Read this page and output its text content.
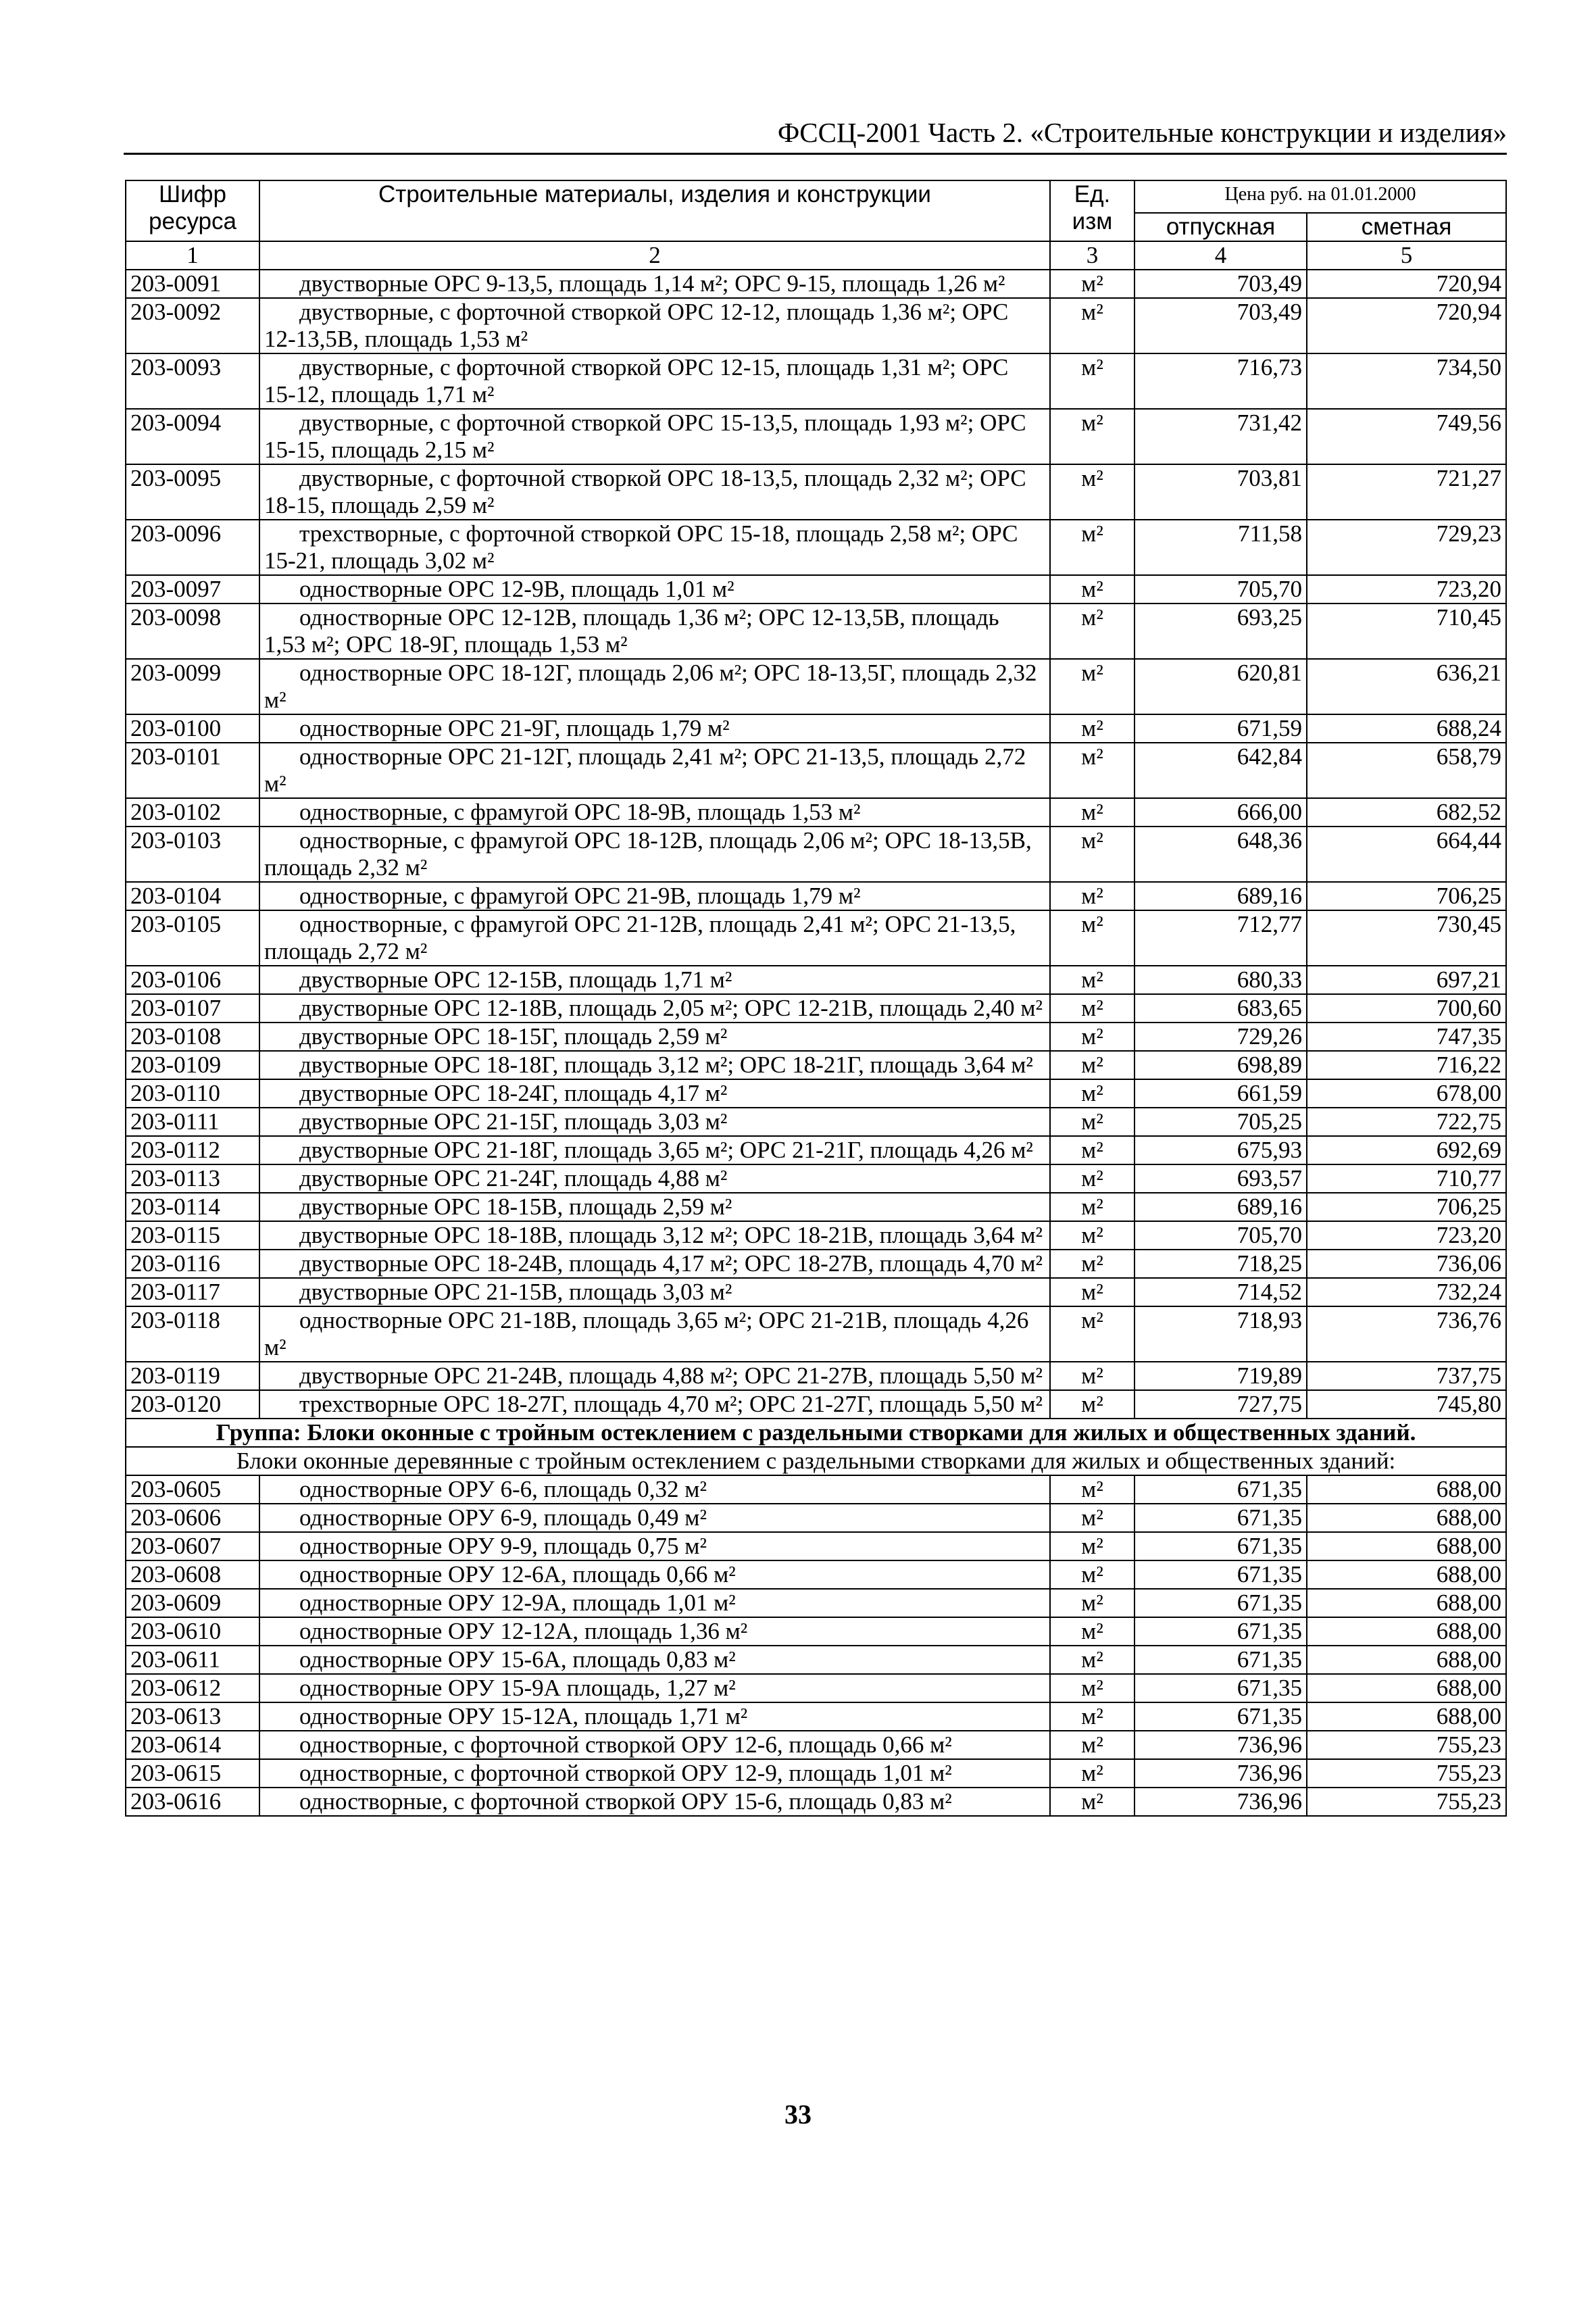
ФССЦ-2001 Часть 2. «Строительные конструкции и изделия»
Шифр ресурса	Строительные материалы, изделия и конструкции	Ед. изм	Цена руб. на 01.01.2000	
			отпускная	сметная
1	2	3	4	5
203-0091	двустворные ОРС 9-13,5, площадь 1,14 м²; ОРС 9-15, площадь 1,26 м²	м²	703,49	720,94
203-0092	двустворные, с форточной створкой ОРС 12-12, площадь 1,36 м²; ОРС 12-13,5В, площадь 1,53 м²	м²	703,49	720,94
203-0093	двустворные, с форточной створкой ОРС 12-15, площадь 1,31 м²; ОРС 15-12, площадь 1,71 м²	м²	716,73	734,50
203-0094	двустворные, с форточной створкой ОРС 15-13,5, площадь 1,93 м²; ОРС 15-15, площадь 2,15 м²	м²	731,42	749,56
203-0095	двустворные, с форточной створкой ОРС 18-13,5, площадь 2,32 м²; ОРС 18-15, площадь 2,59 м²	м²	703,81	721,27
203-0096	трехстворные, с форточной створкой ОРС 15-18, площадь 2,58 м²; ОРС 15-21, площадь 3,02 м²	м²	711,58	729,23
203-0097	одностворные ОРС 12-9В, площадь 1,01 м²	м²	705,70	723,20
203-0098	одностворные ОРС 12-12В, площадь 1,36 м²; ОРС 12-13,5В, площадь 1,53 м²; ОРС 18-9Г, площадь 1,53 м²	м²	693,25	710,45
203-0099	одностворные ОРС 18-12Г, площадь 2,06 м²; ОРС 18-13,5Г, площадь 2,32 м²	м²	620,81	636,21
203-0100	одностворные ОРС 21-9Г, площадь 1,79 м²	м²	671,59	688,24
203-0101	одностворные ОРС 21-12Г, площадь 2,41 м²; ОРС 21-13,5, площадь 2,72 м²	м²	642,84	658,79
203-0102	одностворные, с фрамугой ОРС 18-9В, площадь 1,53 м²	м²	666,00	682,52
203-0103	одностворные, с фрамугой ОРС 18-12В, площадь 2,06 м²; ОРС 18-13,5В, площадь 2,32 м²	м²	648,36	664,44
203-0104	одностворные, с фрамугой ОРС 21-9В, площадь 1,79 м²	м²	689,16	706,25
203-0105	одностворные, с фрамугой ОРС 21-12В, площадь 2,41 м²; ОРС 21-13,5, площадь 2,72 м²	м²	712,77	730,45
203-0106	двустворные ОРС 12-15В, площадь 1,71 м²	м²	680,33	697,21
203-0107	двустворные ОРС 12-18В, площадь 2,05 м²; ОРС 12-21В, площадь 2,40 м²	м²	683,65	700,60
203-0108	двустворные ОРС 18-15Г, площадь 2,59 м²	м²	729,26	747,35
203-0109	двустворные ОРС 18-18Г, площадь 3,12 м²; ОРС 18-21Г, площадь 3,64 м²	м²	698,89	716,22
203-0110	двустворные ОРС 18-24Г, площадь 4,17 м²	м²	661,59	678,00
203-0111	двустворные ОРС 21-15Г, площадь 3,03 м²	м²	705,25	722,75
203-0112	двустворные ОРС 21-18Г, площадь 3,65 м²; ОРС 21-21Г, площадь 4,26 м²	м²	675,93	692,69
203-0113	двустворные ОРС 21-24Г, площадь 4,88 м²	м²	693,57	710,77
203-0114	двустворные ОРС 18-15В, площадь 2,59 м²	м²	689,16	706,25
203-0115	двустворные ОРС 18-18В, площадь 3,12 м²; ОРС 18-21В, площадь 3,64 м²	м²	705,70	723,20
203-0116	двустворные ОРС 18-24В, площадь 4,17 м²; ОРС 18-27В, площадь 4,70 м²	м²	718,25	736,06
203-0117	двустворные ОРС 21-15В, площадь 3,03 м²	м²	714,52	732,24
203-0118	одностворные ОРС 21-18В, площадь 3,65 м²; ОРС 21-21В, площадь 4,26 м²	м²	718,93	736,76
203-0119	двустворные ОРС 21-24В, площадь 4,88 м²; ОРС 21-27В, площадь 5,50 м²	м²	719,89	737,75
203-0120	трехстворные ОРС 18-27Г, площадь 4,70 м²; ОРС 21-27Г, площадь 5,50 м²	м²	727,75	745,80
Группа: Блоки оконные с тройным остеклением с раздельными створками для жилых и общественных зданий.				
Блоки оконные деревянные с тройным остеклением с раздельными створками для жилых и общественных зданий:				
203-0605	одностворные ОРУ 6-6, площадь 0,32 м²	м²	671,35	688,00
203-0606	одностворные ОРУ 6-9, площадь 0,49 м²	м²	671,35	688,00
203-0607	одностворные ОРУ 9-9, площадь 0,75 м²	м²	671,35	688,00
203-0608	одностворные ОРУ 12-6А, площадь 0,66 м²	м²	671,35	688,00
203-0609	одностворные ОРУ 12-9А, площадь 1,01 м²	м²	671,35	688,00
203-0610	одностворные ОРУ 12-12А, площадь 1,36 м²	м²	671,35	688,00
203-0611	одностворные ОРУ 15-6А, площадь 0,83 м²	м²	671,35	688,00
203-0612	одностворные ОРУ 15-9А площадь, 1,27 м²	м²	671,35	688,00
203-0613	одностворные ОРУ 15-12А, площадь 1,71 м²	м²	671,35	688,00
203-0614	одностворные, с форточной створкой ОРУ 12-6, площадь 0,66 м²	м²	736,96	755,23
203-0615	одностворные, с форточной створкой ОРУ 12-9, площадь 1,01 м²	м²	736,96	755,23
203-0616	одностворные, с форточной створкой ОРУ 15-6, площадь 0,83 м²	м²	736,96	755,23
33
